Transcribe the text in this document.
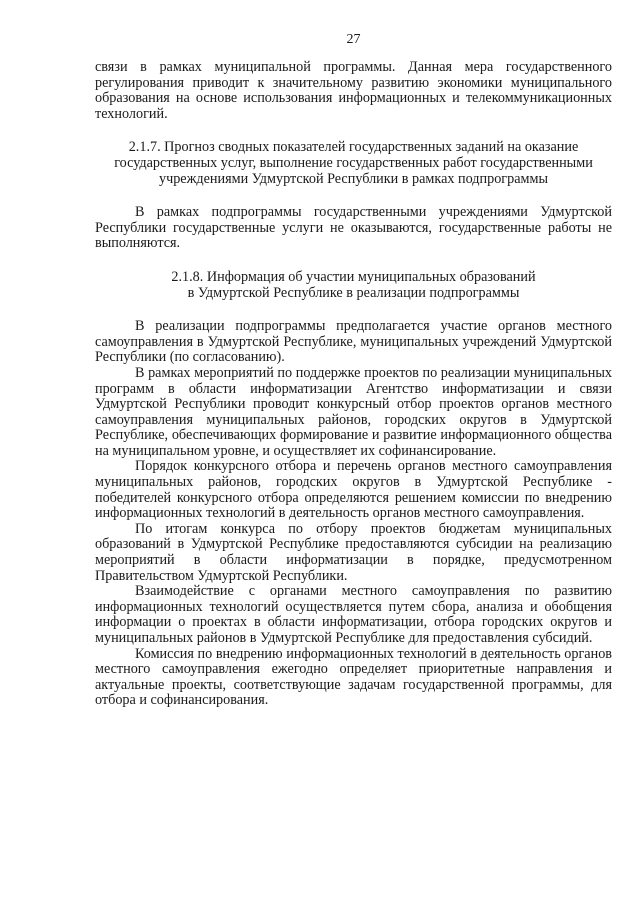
27

связи в рамках муниципальной программы. Данная мера государственного регулирования приводит к значительному развитию экономики муниципального образования на основе использования информационных и телекоммуникационных технологий.

2.1.7. Прогноз сводных показателей государственных заданий на оказание государственных услуг, выполнение государственных работ государственными учреждениями Удмуртской Республики в рамках подпрограммы

В рамках подпрограммы государственными учреждениями Удмуртской Республики государственные услуги не оказываются, государственные работы не выполняются.

2.1.8. Информация об участии муниципальных образований
в Удмуртской Республике в реализации подпрограммы

В реализации подпрограммы предполагается участие органов местного самоуправления в Удмуртской Республике, муниципальных учреждений Удмуртской Республики (по согласованию).

В рамках мероприятий по поддержке проектов по реализации муниципальных программ в области информатизации Агентство информатизации и связи Удмуртской Республики проводит конкурсный отбор проектов органов местного самоуправления муниципальных районов, городских округов в Удмуртской Республике, обеспечивающих формирование и развитие информационного общества на муниципальном уровне, и осуществляет их софинансирование.

Порядок конкурсного отбора и перечень органов местного самоуправления муниципальных районов, городских округов в Удмуртской Республике - победителей конкурсного отбора определяются решением комиссии по внедрению информационных технологий в деятельность органов местного самоуправления.

По итогам конкурса по отбору проектов бюджетам муниципальных образований в Удмуртской Республике предоставляются субсидии на реализацию мероприятий в области информатизации в порядке, предусмотренном Правительством Удмуртской Республики.

Взаимодействие с органами местного самоуправления по развитию информационных технологий осуществляется путем сбора, анализа и обобщения информации о проектах в области информатизации, отбора городских округов и муниципальных районов в Удмуртской Республике для предоставления субсидий.

Комиссия по внедрению информационных технологий в деятельность органов местного самоуправления ежегодно определяет приоритетные направления и актуальные проекты, соответствующие задачам государственной программы, для отбора и софинансирования.
